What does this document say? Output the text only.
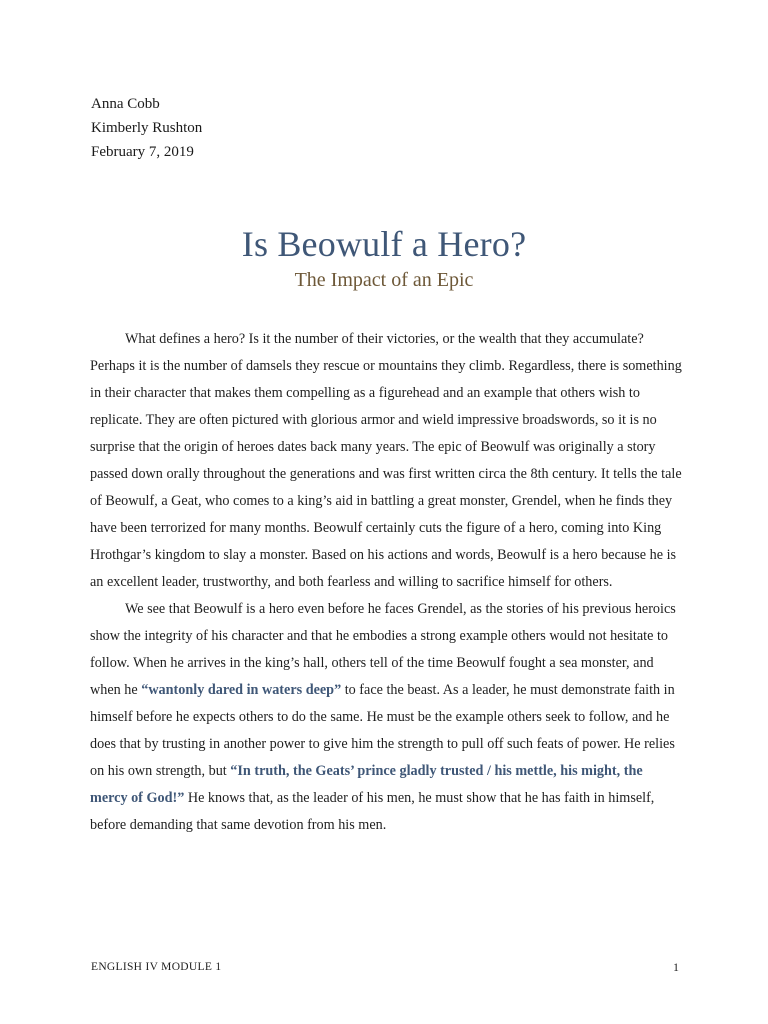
Anna Cobb
Kimberly Rushton
February 7, 2019
Is Beowulf a Hero?
The Impact of an Epic

What defines a hero? Is it the number of their victories, or the wealth that they accumulate? Perhaps it is the number of damsels they rescue or mountains they climb. Regardless, there is something in their character that makes them compelling as a figurehead and an example that others wish to replicate. They are often pictured with glorious armor and wield impressive broadswords, so it is no surprise that the origin of heroes dates back many years. The epic of Beowulf was originally a story passed down orally throughout the generations and was first written circa the 8th century. It tells the tale of Beowulf, a Geat, who comes to a king’s aid in battling a great monster, Grendel, when he finds they have been terrorized for many months. Beowulf certainly cuts the figure of a hero, coming into King Hrothgar’s kingdom to slay a monster. Based on his actions and words, Beowulf is a hero because he is an excellent leader, trustworthy, and both fearless and willing to sacrifice himself for others.

We see that Beowulf is a hero even before he faces Grendel, as the stories of his previous heroics show the integrity of his character and that he embodies a strong example others would not hesitate to follow. When he arrives in the king’s hall, others tell of the time Beowulf fought a sea monster, and when he “wantonly dared in waters deep” to face the beast. As a leader, he must demonstrate faith in himself before he expects others to do the same. He must be the example others seek to follow, and he does that by trusting in another power to give him the strength to pull off such feats of power. He relies on his own strength, but “In truth, the Geats’ prince gladly trusted / his mettle, his might, the mercy of God!” He knows that, as the leader of his men, he must show that he has faith in himself, before demanding that same devotion from his men.

ENGLISH IV MODULE 1	1
